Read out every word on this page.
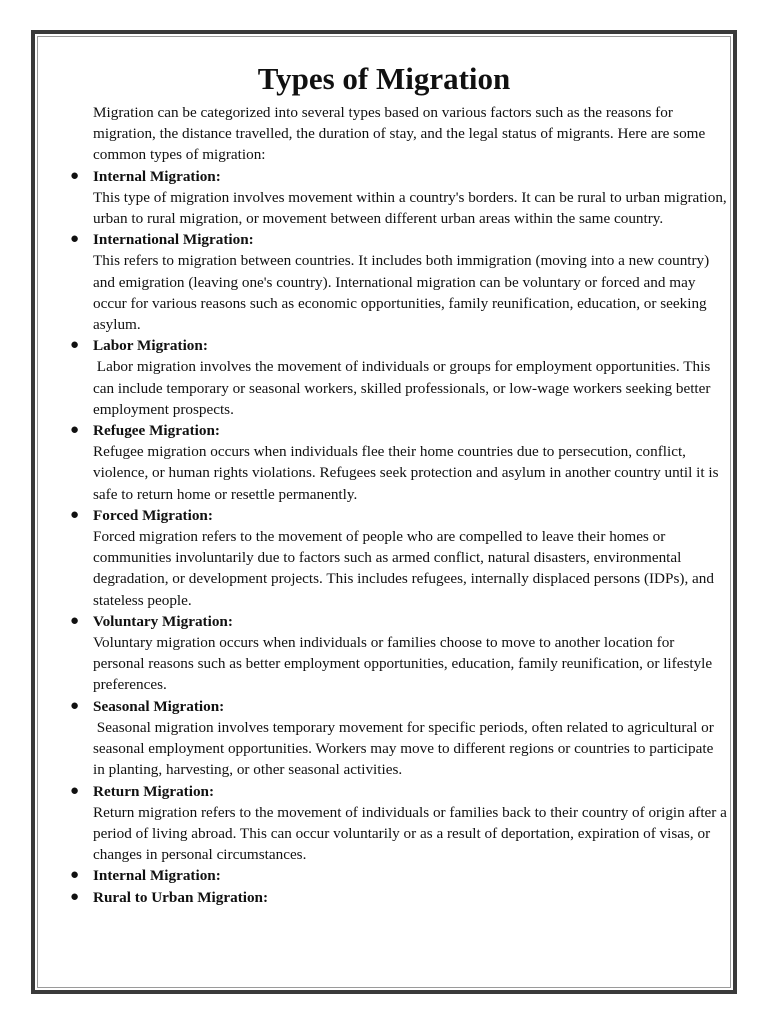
Types of Migration

Migration can be categorized into several types based on various factors such as the reasons for migration, the distance travelled, the duration of stay, and the legal status of migrants. Here are some common types of migration:

● Internal Migration:
This type of migration involves movement within a country's borders. It can be rural to urban migration, urban to rural migration, or movement between different urban areas within the same country.
● International Migration:
This refers to migration between countries. It includes both immigration (moving into a new country) and emigration (leaving one's country). International migration can be voluntary or forced and may occur for various reasons such as economic opportunities, family reunification, education, or seeking asylum.
● Labor Migration:
Labor migration involves the movement of individuals or groups for employment opportunities. This can include temporary or seasonal workers, skilled professionals, or low-wage workers seeking better employment prospects.
● Refugee Migration:
Refugee migration occurs when individuals flee their home countries due to persecution, conflict, violence, or human rights violations. Refugees seek protection and asylum in another country until it is safe to return home or resettle permanently.
● Forced Migration:
Forced migration refers to the movement of people who are compelled to leave their homes or communities involuntarily due to factors such as armed conflict, natural disasters, environmental degradation, or development projects. This includes refugees, internally displaced persons (IDPs), and stateless people.
● Voluntary Migration:
Voluntary migration occurs when individuals or families choose to move to another location for personal reasons such as better employment opportunities, education, family reunification, or lifestyle preferences.
● Seasonal Migration:
Seasonal migration involves temporary movement for specific periods, often related to agricultural or seasonal employment opportunities. Workers may move to different regions or countries to participate in planting, harvesting, or other seasonal activities.
● Return Migration:
Return migration refers to the movement of individuals or families back to their country of origin after a period of living abroad. This can occur voluntarily or as a result of deportation, expiration of visas, or changes in personal circumstances.
● Internal Migration:
● Rural to Urban Migration:
